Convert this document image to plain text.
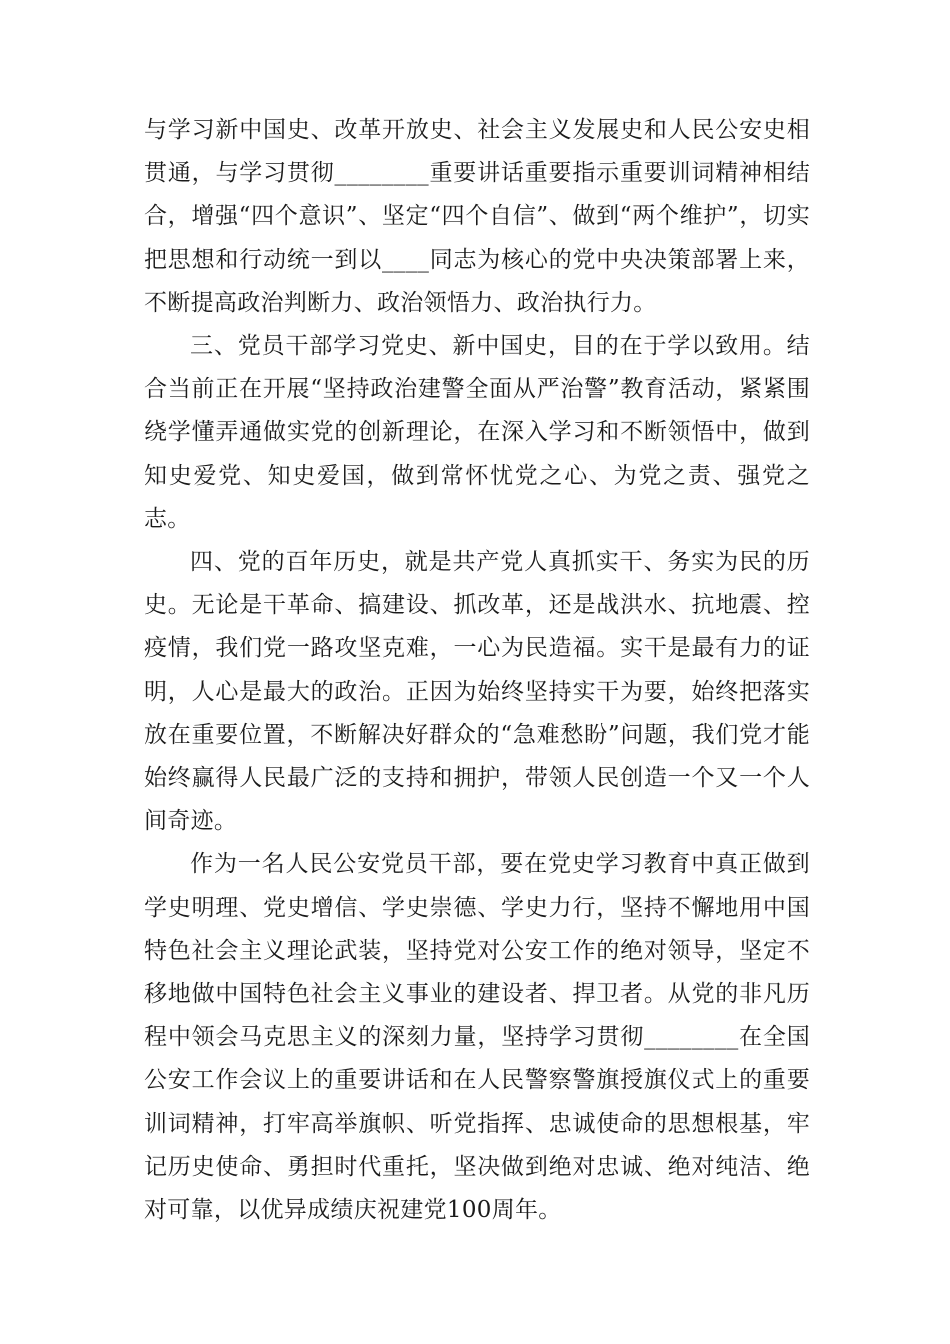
与学习新中国史、改革开放史、社会主义发展史和人民公安史相贯通，与学习贯彻________重要讲话重要指示重要训词精神相结合，增强“四个意识”、坚定“四个自信”、做到“两个维护”，切实把思想和行动统一到以____同志为核心的党中央决策部署上来，不断提高政治判断力、政治领悟力、政治执行力。

三、党员干部学习党史、新中国史，目的在于学以致用。结合当前正在开展“坚持政治建警全面从严治警”教育活动，紧紧围绕学懂弄通做实党的创新理论，在深入学习和不断领悟中，做到知史爱党、知史爱国，做到常怀忧党之心、为党之责、强党之志。

四、党的百年历史，就是共产党人真抓实干、务实为民的历史。无论是干革命、搞建设、抓改革，还是战洪水、抗地震、控疫情，我们党一路攻坚克难，一心为民造福。实干是最有力的证明，人心是最大的政治。正因为始终坚持实干为要，始终把落实放在重要位置，不断解决好群众的“急难愁盼”问题，我们党才能始终赢得人民最广泛的支持和拥护，带领人民创造一个又一个人间奇迹。

作为一名人民公安党员干部，要在党史学习教育中真正做到学史明理、党史增信、学史崇德、学史力行，坚持不懈地用中国特色社会主义理论武装，坚持党对公安工作的绝对领导，坚定不移地做中国特色社会主义事业的建设者、捍卫者。从党的非凡历程中领会马克思主义的深刻力量，坚持学习贯彻________在全国公安工作会议上的重要讲话和在人民警察警旗授旗仪式上的重要训词精神，打牢高举旗帜、听党指挥、忠诚使命的思想根基，牢记历史使命、勇担时代重托，坚决做到绝对忠诚、绝对纯洁、绝对可靠，以优异成绩庆祝建党100周年。
